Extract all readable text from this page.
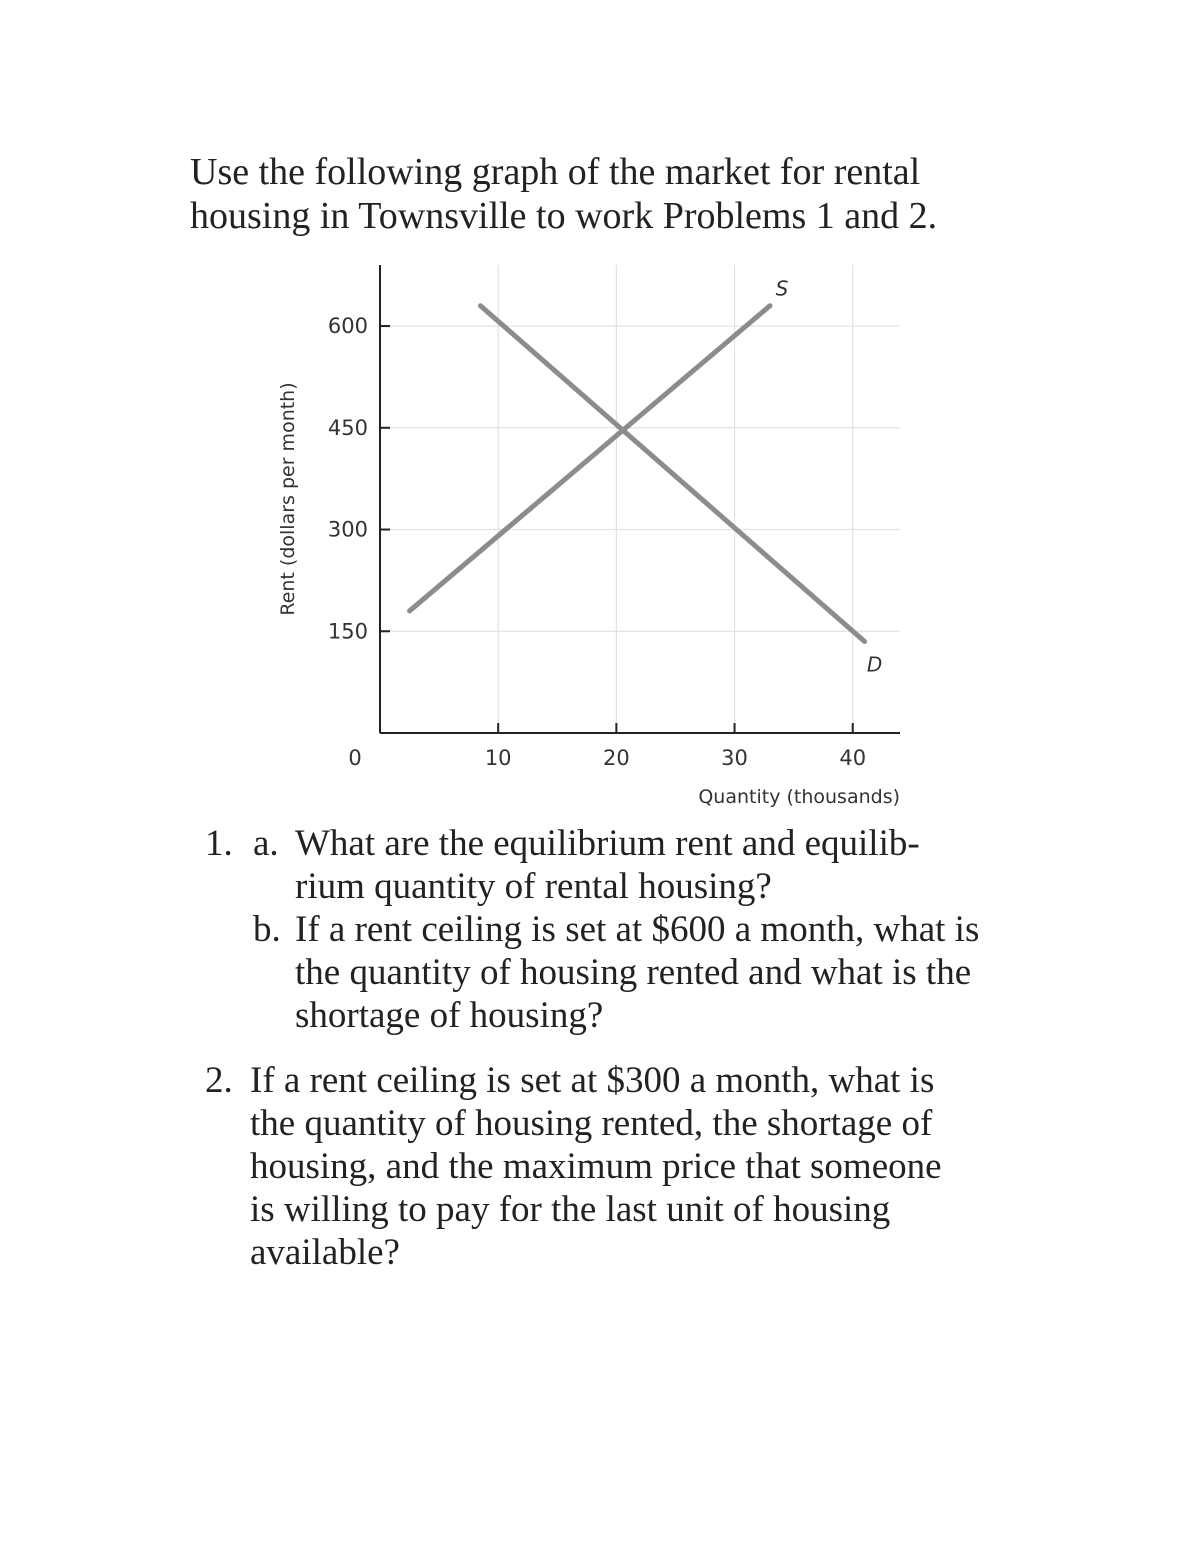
Use the following graph of the market for rental

housing in Townsville to work Problems 1 and 2.

150
300
450
600
10	20	30	40
0
Quantity (thousands)
Rent (dollars per month)
S
D
1. a. What are the equilibrium rent and equilib-
rium quantity of rental housing?
b. If a rent ceiling is set at $600 a month, what is
the quantity of housing rented and what is the
shortage of housing?
2. If a rent ceiling is set at $300 a month, what is
the quantity of housing rented, the shortage of
housing, and the maximum price that someone
is willing to pay for the last unit of housing
available?
